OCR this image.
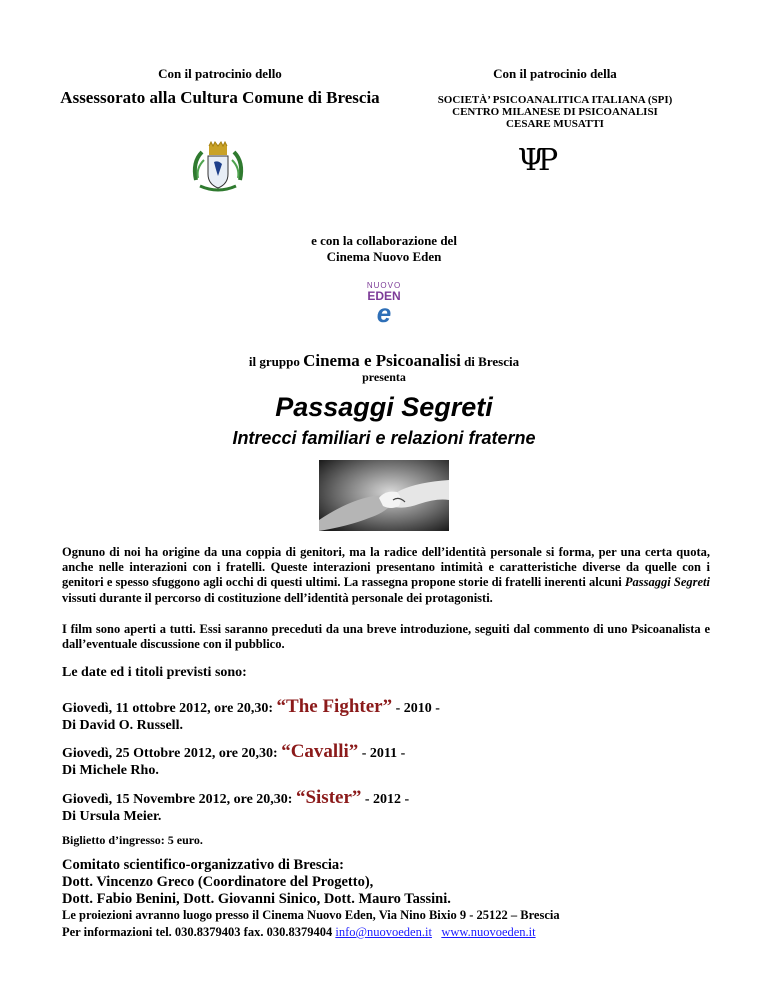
Con il patrocinio dello
Assessorato alla Cultura Comune di Brescia
Con il patrocinio della
SOCIETÀ’ PSICOANALITICA ITALIANA (SPI)
CENTRO MILANESE DI PSICOANALISI
CESARE MUSATTI
ΨΡ
e con la collaborazione del
Cinema Nuovo Eden
NUOVO
EDEN
e
il gruppo Cinema e Psicoanalisi di Brescia
presenta
Passaggi Segreti
Intrecci familiari e relazioni fraterne
Ognuno di noi ha origine da una coppia di genitori, ma la radice dell’identità personale si forma, per una certa quota, anche nelle interazioni con i fratelli. Queste interazioni presentano intimità e caratteristiche diverse da quelle con i genitori e spesso sfuggono agli occhi di questi ultimi. La rassegna propone storie di fratelli inerenti alcuni Passaggi Segreti vissuti durante il percorso di costituzione dell’identità personale dei protagonisti.
I film sono aperti a tutti. Essi saranno preceduti da una breve introduzione, seguiti dal commento di uno Psicoanalista e dall’eventuale discussione con il pubblico.
Le date ed i titoli previsti sono:
Giovedì, 11 ottobre 2012, ore 20,30: “The Fighter” - 2010 -
Di David O. Russell.
Giovedì, 25 Ottobre 2012, ore 20,30: “Cavalli” - 2011 -
Di Michele Rho.
Giovedì, 15 Novembre 2012, ore 20,30: “Sister” - 2012 -
Di Ursula Meier.
Biglietto d’ingresso: 5 euro.
Comitato scientifico-organizzativo di Brescia:
Dott. Vincenzo Greco (Coordinatore del Progetto),
Dott. Fabio Benini, Dott. Giovanni Sinico, Dott. Mauro Tassini.
Le proiezioni avranno luogo presso il Cinema Nuovo Eden, Via Nino Bixio 9 - 25122 – Brescia
Per informazioni tel. 030.8379403 fax. 030.8379404 info@nuovoeden.it www.nuovoeden.it
